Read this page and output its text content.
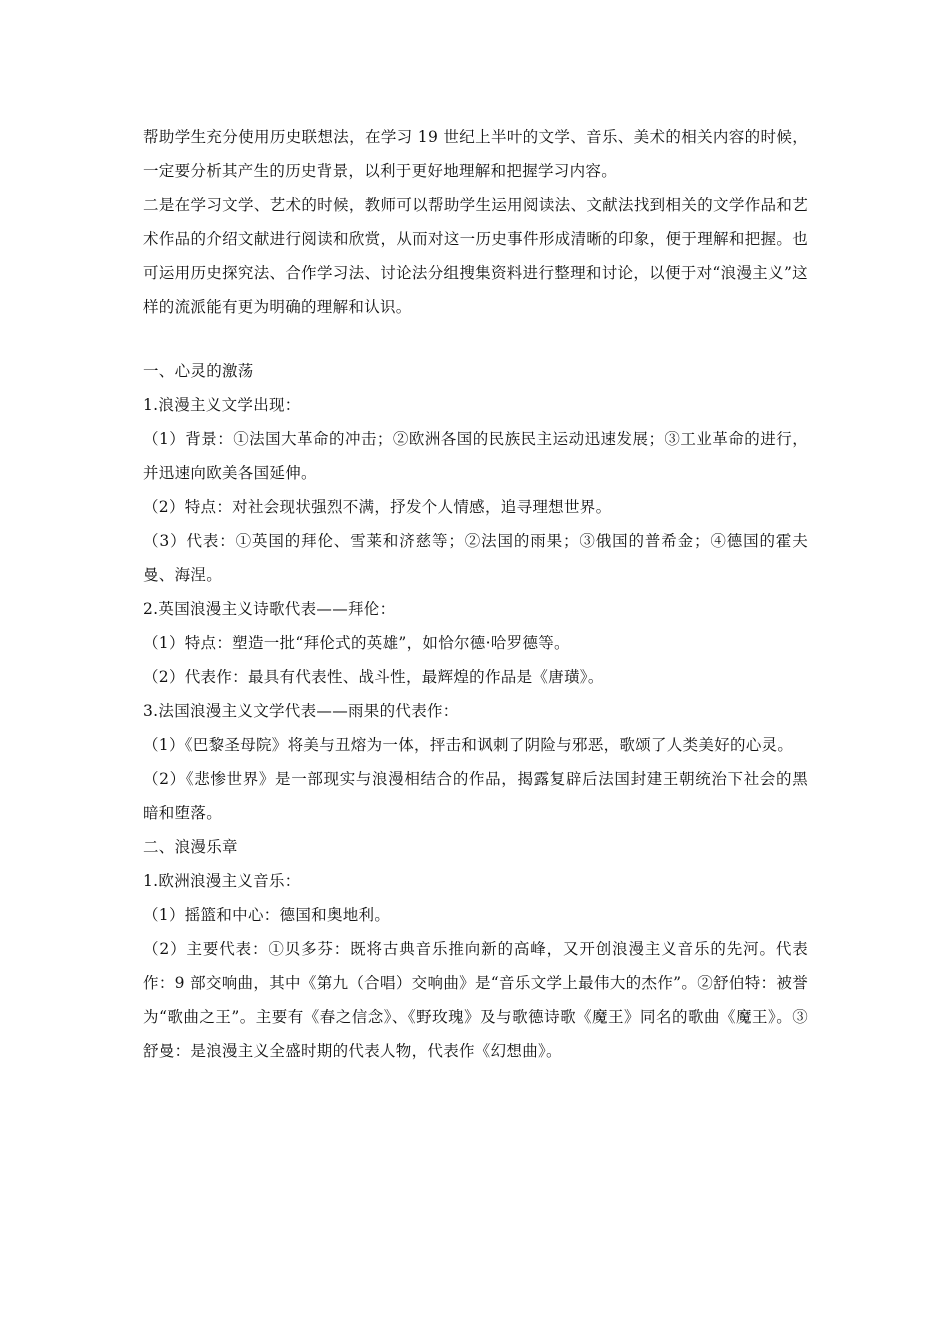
帮助学生充分使用历史联想法，在学习 19 世纪上半叶的文学、音乐、美术的相关内容的时候，一定要分析其产生的历史背景，以利于更好地理解和把握学习内容。

二是在学习文学、艺术的时候，教师可以帮助学生运用阅读法、文献法找到相关的文学作品和艺术作品的介绍文献进行阅读和欣赏，从而对这一历史事件形成清晰的印象，便于理解和把握。也可运用历史探究法、合作学习法、讨论法分组搜集资料进行整理和讨论，以便于对“浪漫主义”这样的流派能有更为明确的理解和认识。

一、心灵的激荡

1.浪漫主义文学出现：

（1）背景：①法国大革命的冲击；②欧洲各国的民族民主运动迅速发展；③工业革命的进行，并迅速向欧美各国延伸。

（2）特点：对社会现状强烈不满，抒发个人情感，追寻理想世界。

（3）代表：①英国的拜伦、雪莱和济慈等；②法国的雨果；③俄国的普希金；④德国的霍夫曼、海涅。

2.英国浪漫主义诗歌代表——拜伦：

（1）特点：塑造一批“拜伦式的英雄”，如恰尔德·哈罗德等。

（2）代表作：最具有代表性、战斗性，最辉煌的作品是《唐璜》。

3.法国浪漫主义文学代表——雨果的代表作：

（1）《巴黎圣母院》将美与丑熔为一体，抨击和讽刺了阴险与邪恶，歌颂了人类美好的心灵。

（2）《悲惨世界》是一部现实与浪漫相结合的作品，揭露复辟后法国封建王朝统治下社会的黑暗和堕落。

二、浪漫乐章

1.欧洲浪漫主义音乐：

（1）摇篮和中心：德国和奥地利。

（2）主要代表：①贝多芬：既将古典音乐推向新的高峰，又开创浪漫主义音乐的先河。代表作：9 部交响曲，其中《第九（合唱）交响曲》是“音乐文学上最伟大的杰作”。②舒伯特：被誉为“歌曲之王”。主要有《春之信念》、《野玫瑰》及与歌德诗歌《魔王》同名的歌曲《魔王》。③舒曼：是浪漫主义全盛时期的代表人物，代表作《幻想曲》。
